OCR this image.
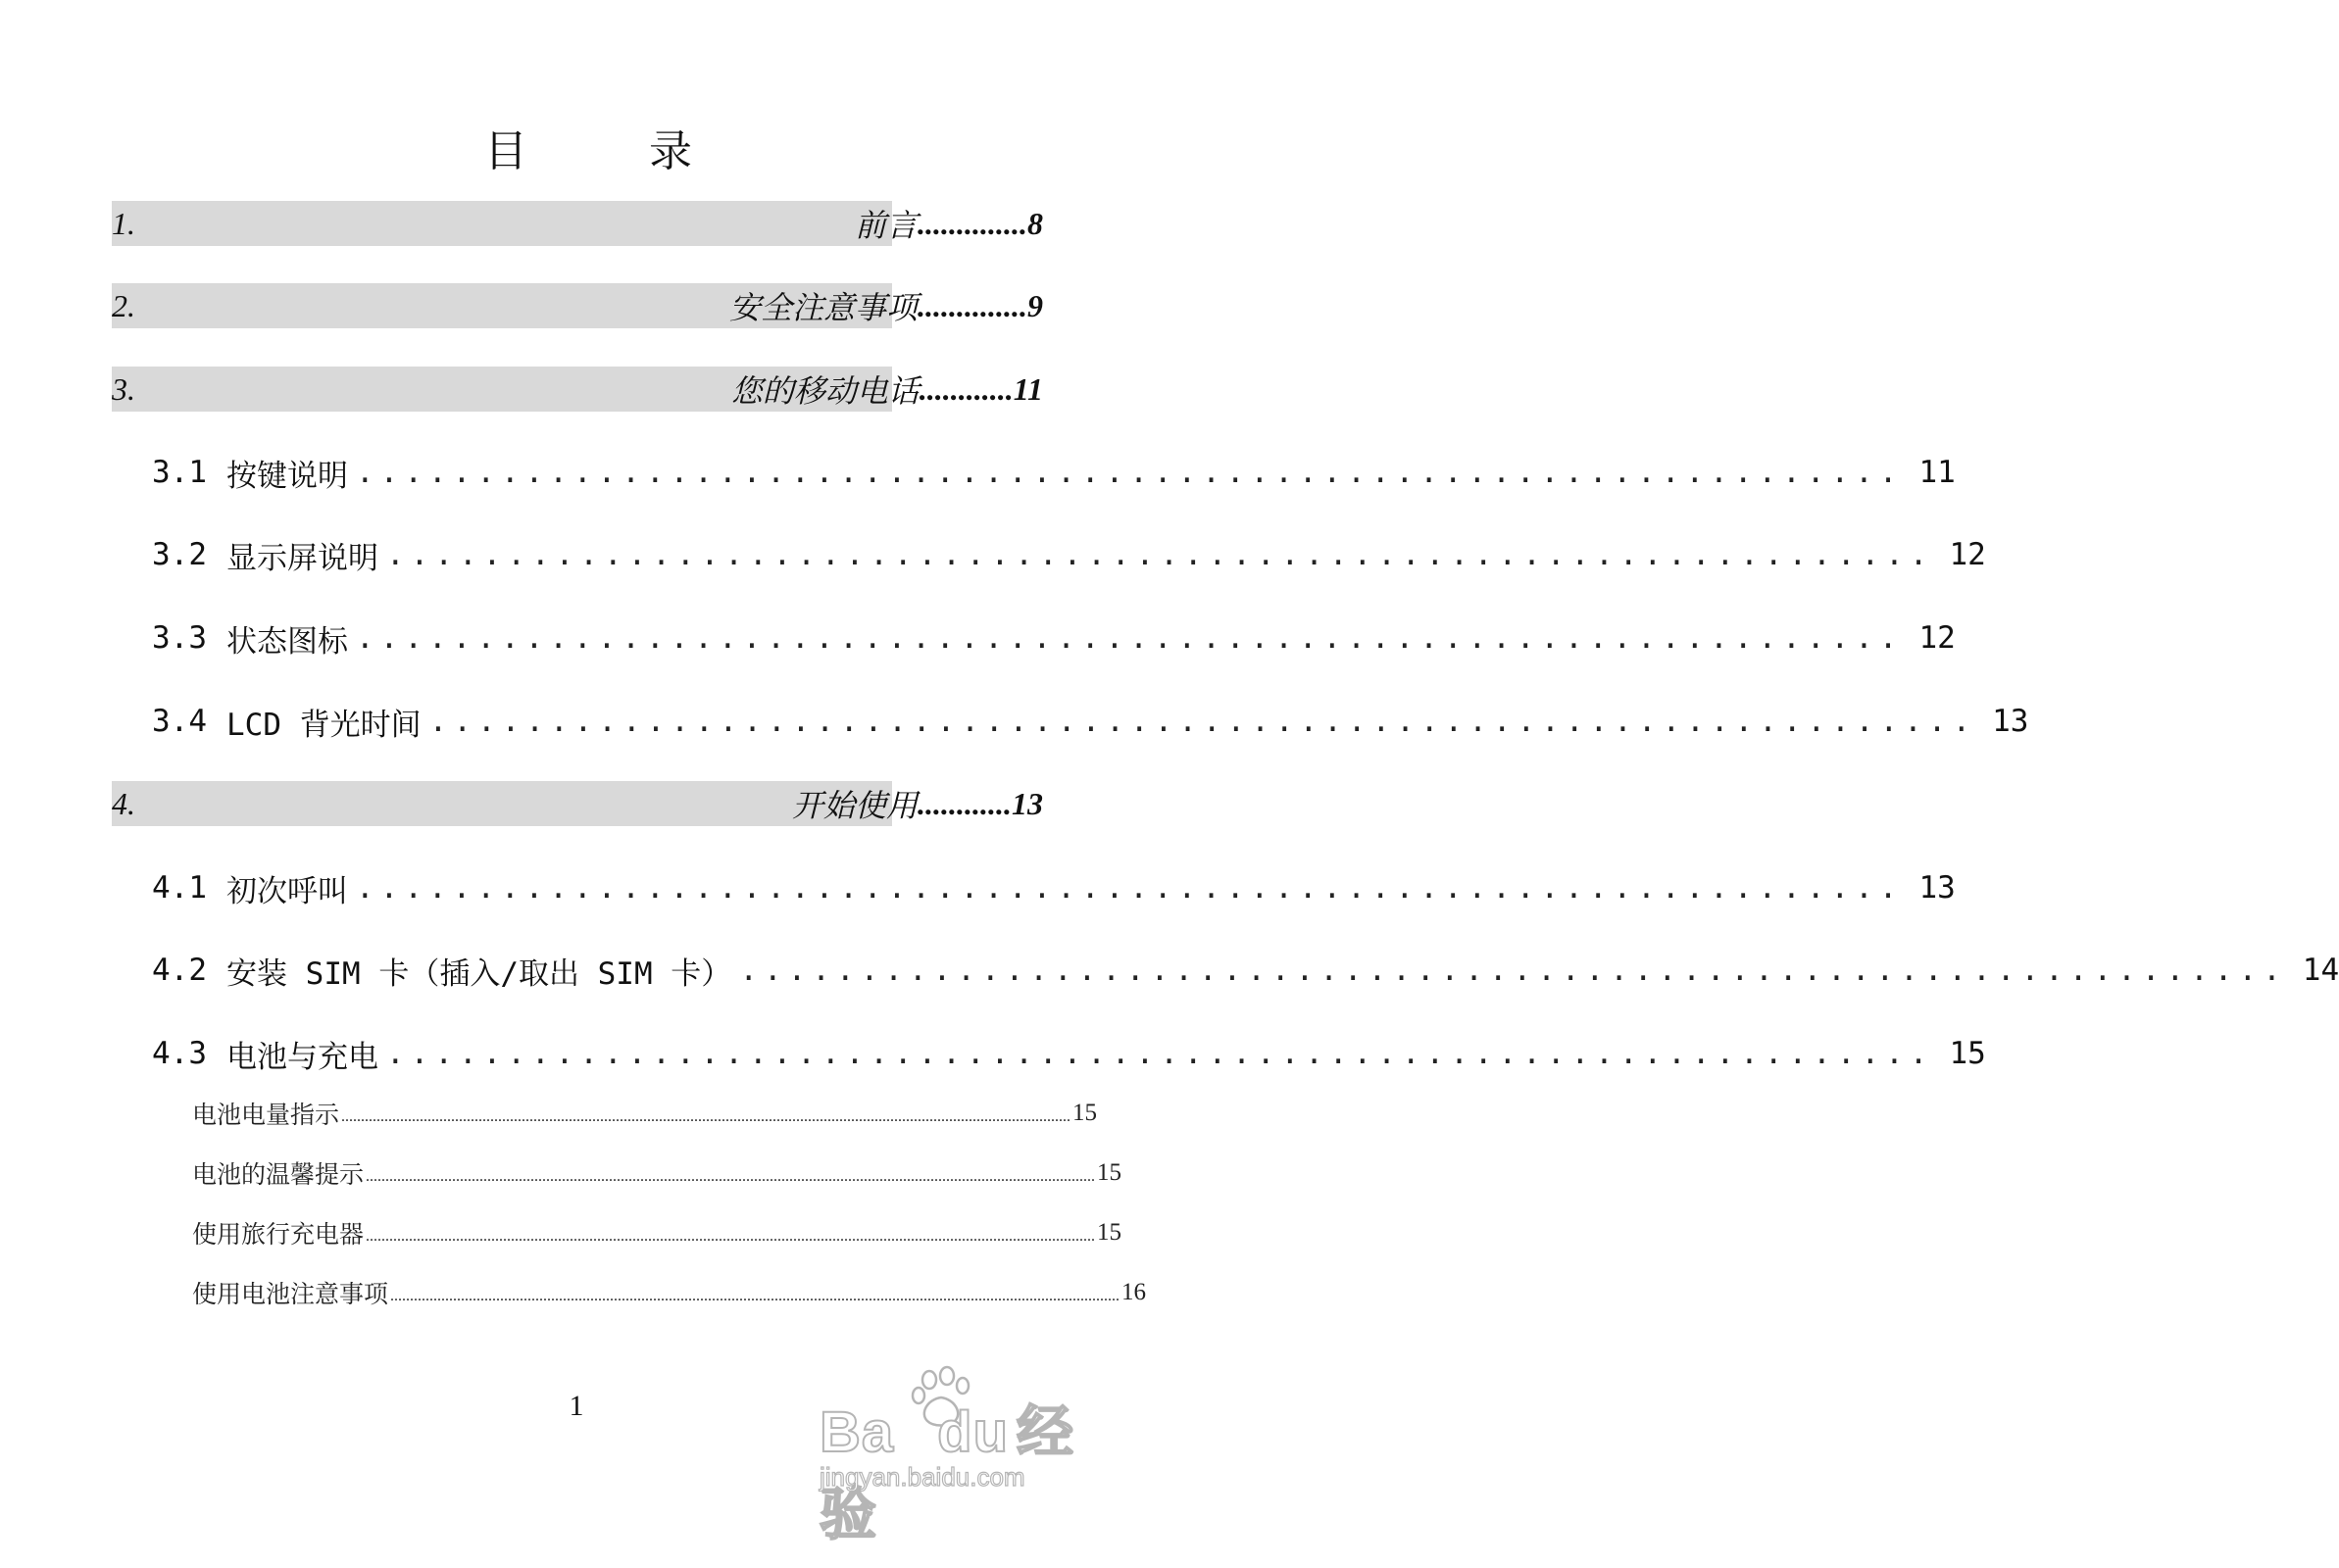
目	录
1.	前言 ..............8
2.	安全注意事项 ..............9
3.	您的移动电话 ............11
3.1 按键说明 ................................................................ 11
3.2 显示屏说明 ................................................................ 12
3.3 状态图标 ................................................................ 12
3.4 LCD 背光时间 ................................................................ 13
4.	开始使用 ............13
4.1 初次呼叫 ................................................................ 13
4.2 安装 SIM 卡（插入/取出 SIM 卡） ................................................................ 14
4.3 电池与充电 ................................................................ 15
电池电量指示 .......................................................................................................................................................................................... 15
电池的温馨提示 .......................................................................................................................................................................................... 15
使用旅行充电器 .......................................................................................................................................................................................... 15
使用电池注意事项 .......................................................................................................................................................................................... 16
1	Ba du 经验
jingyan.baidu.com
